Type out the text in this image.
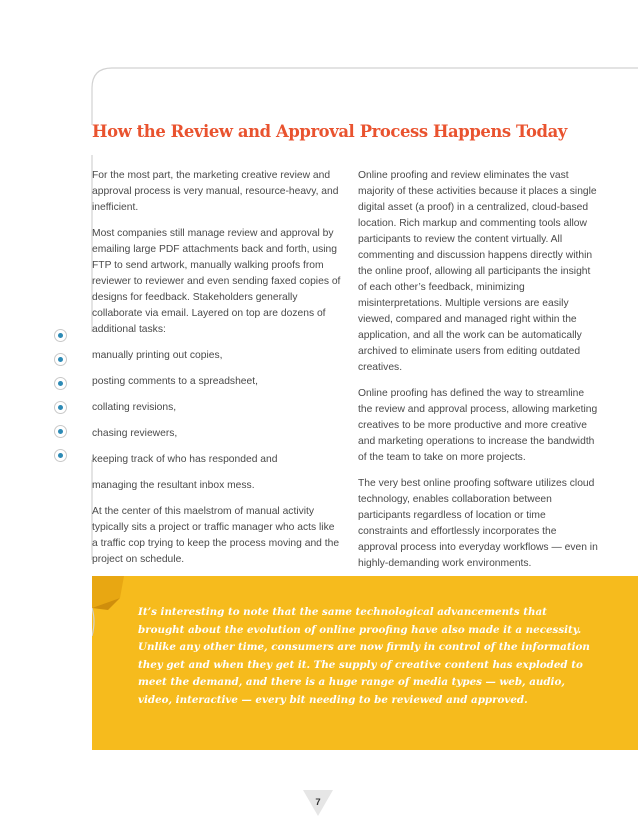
How the Review and Approval Process Happens Today

For the most part, the marketing creative review and approval process is very manual, resource-heavy, and inefficient.

Most companies still manage review and approval by emailing large PDF attachments back and forth, using FTP to send artwork, manually walking proofs from reviewer to reviewer and even sending faxed copies of designs for feedback. Stakeholders generally collaborate via email. Layered on top are dozens of additional tasks:

manually printing out copies,

posting comments to a spreadsheet,

collating revisions,

chasing reviewers,

keeping track of who has responded and

managing the resultant inbox mess.

At the center of this maelstrom of manual activity typically sits a project or traffic manager who acts like a traffic cop trying to keep the process moving and the project on schedule.

Online proofing and review eliminates the vast majority of these activities because it places a single digital asset (a proof) in a centralized, cloud-based location. Rich markup and commenting tools allow participants to review the content virtually. All commenting and discussion happens directly within the online proof, allowing all participants the insight of each other’s feedback, minimizing misinterpretations. Multiple versions are easily viewed, compared and managed right within the application, and all the work can be automatically archived to eliminate users from editing outdated creatives.

Online proofing has defined the way to streamline the review and approval process, allowing marketing creatives to be more productive and more creative and marketing operations to increase the bandwidth of the team to take on more projects.

The very best online proofing software utilizes cloud technology, enables collaboration between participants regardless of location or time constraints and effortlessly incorporates the approval process into everyday workflows — even in highly-demanding work environments.

It’s interesting to note that the same technological advancements that brought about the evolution of online proofing have also made it a necessity. Unlike any other time, consumers are now firmly in control of the information they get and when they get it. The supply of creative content has exploded to meet the demand, and there is a huge range of media types — web, audio, video, interactive — every bit needing to be reviewed and approved.

7
